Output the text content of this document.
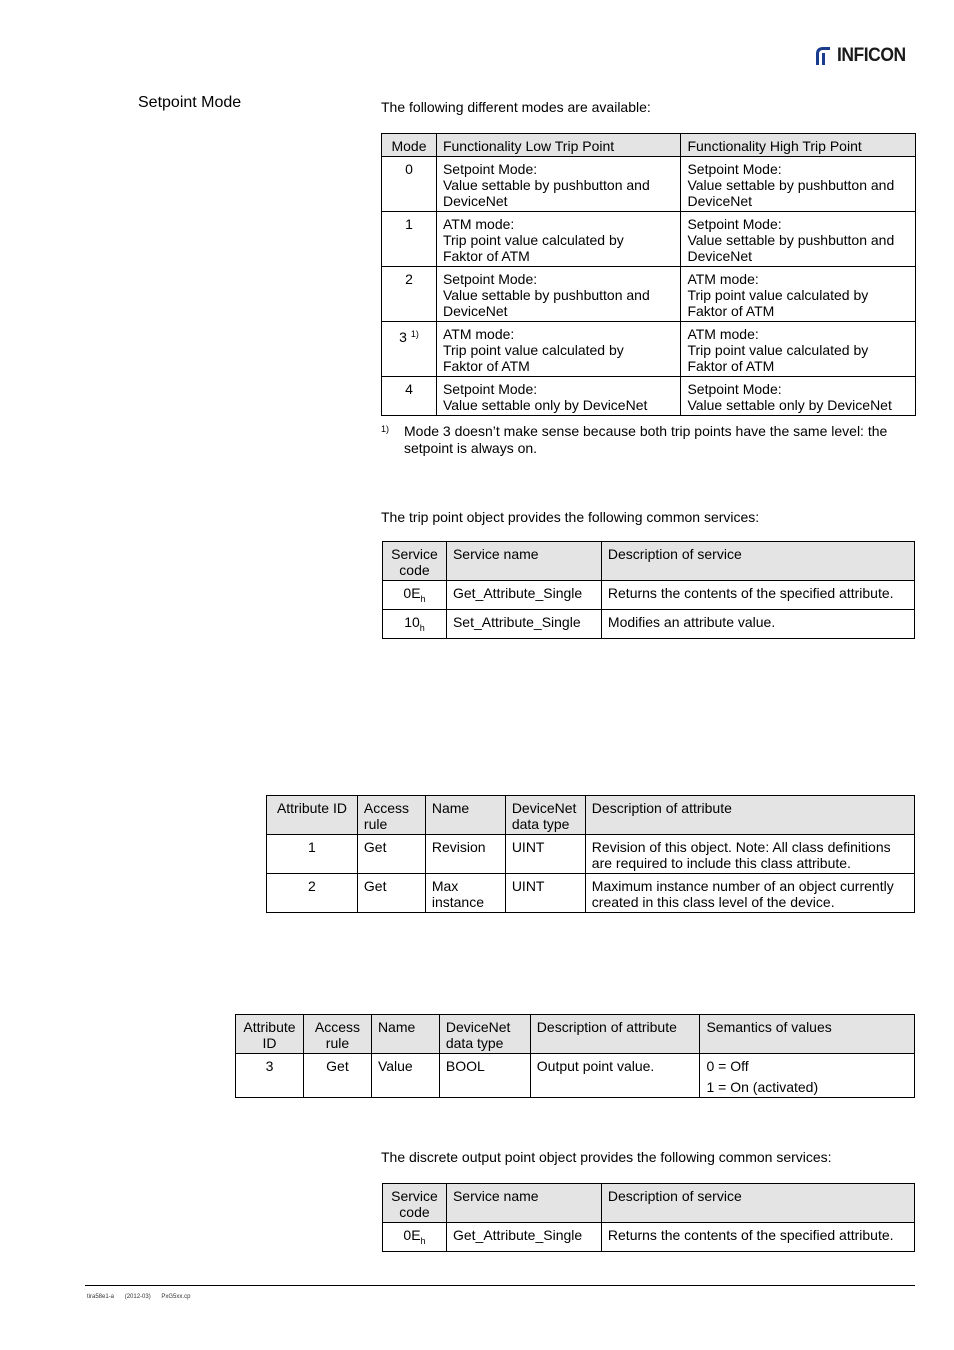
INFICON
Setpoint Mode	The following different modes are available:
Mode	Functionality Low Trip Point	Functionality High Trip Point
0	Setpoint Mode:
Value settable by pushbutton and
DeviceNet	Setpoint Mode:
Value settable by pushbutton and
DeviceNet

1	ATM mode:
Trip point value calculated by
Faktor of ATM	Setpoint Mode:
Value settable by pushbutton and
DeviceNet

2	Setpoint Mode:
Value settable by pushbutton and
DeviceNet	ATM mode:
Trip point value calculated by
Faktor of ATM

3 $^{1)}$	ATM mode:
Trip point value calculated by
Faktor of ATM	ATM mode:
Trip point value calculated by
Faktor of ATM

4	Setpoint Mode:
Value settable only by DeviceNet	Setpoint Mode:
Value settable only by DeviceNet
1) Mode 3 doesn’t make sense because both trip points have the same level: the setpoint is always on.
The trip point object provides the following common services:
Service code	Service name	Description of service
$0E_h$	Get_Attribute_Single	Returns the contents of the specified attribute.
$10_h$	Set_Attribute_Single	Modifies an attribute value.
Attribute ID	Access rule	Name	DeviceNet data type	Description of attribute
1	Get	Revision	UINT	Revision of this object. Note: All class definitions are required to include this class attribute.
2	Get	Max instance	UINT	Maximum instance number of an object currently created in this class level of the device.
Attribute ID	Access rule	Name	DeviceNet data type	Description of attribute	Semantics of values
3	Get	Value	BOOL	Output point value.	0 = Off
1 = On (activated)
The discrete output point object provides the following common services:
Service code	Service name	Description of service
$0E_h$	Get_Attribute_Single	Returns the contents of the specified attribute.
tira58e1-a (2012-03) PxG5xx.cp
